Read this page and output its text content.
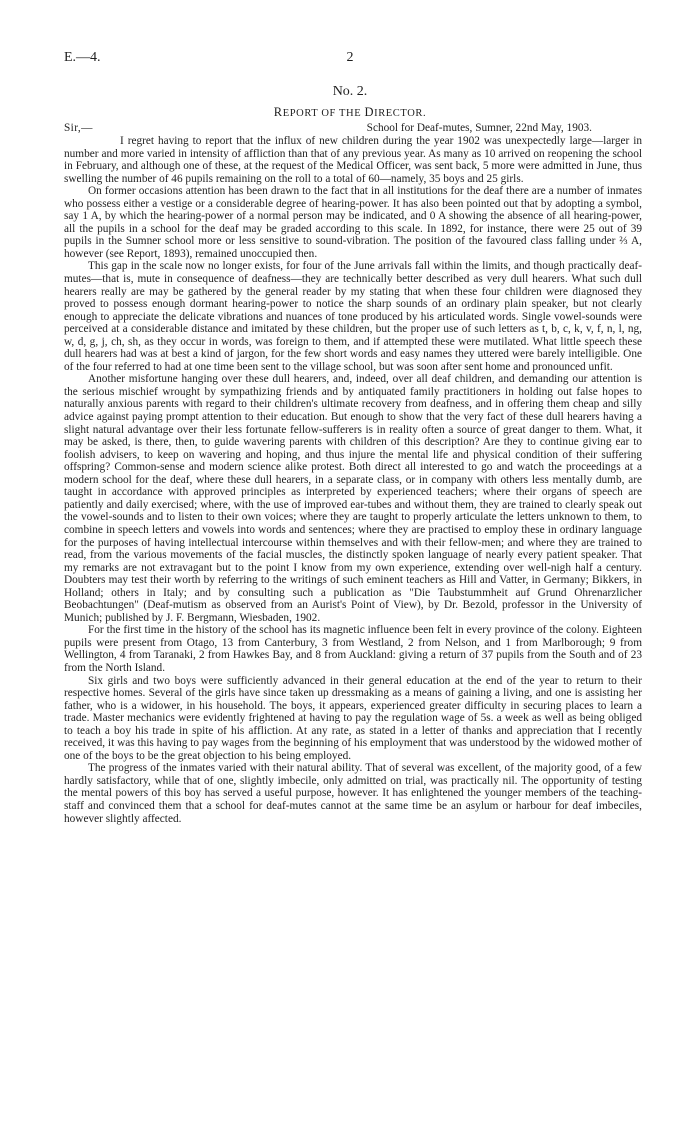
E.—4.	2
No. 2.
REPORT OF THE DIRECTOR.
Sir,—	School for Deaf-mutes, Sumner, 22nd May, 1903.

I regret having to report that the influx of new children during the year 1902 was unexpectedly large—larger in number and more varied in intensity of affliction than that of any previous year. As many as 10 arrived on reopening the school in February, and although one of these, at the request of the Medical Officer, was sent back, 5 more were admitted in June, thus swelling the number of 46 pupils remaining on the roll to a total of 60—namely, 35 boys and 25 girls.

On former occasions attention has been drawn to the fact that in all institutions for the deaf there are a number of inmates who possess either a vestige or a considerable degree of hearing-power. It has also been pointed out that by adopting a symbol, say 1 A, by which the hearing-power of a normal person may be indicated, and 0 A showing the absence of all hearing-power, all the pupils in a school for the deaf may be graded according to this scale. In 1892, for instance, there were 25 out of 39 pupils in the Sumner school more or less sensitive to sound-vibration. The position of the favoured class falling under ⅔ A, however (see Report, 1893), remained unoccupied then.

This gap in the scale now no longer exists, for four of the June arrivals fall within the limits, and though practically deaf-mutes—that is, mute in consequence of deafness—they are technically better described as very dull hearers. What such dull hearers really are may be gathered by the general reader by my stating that when these four children were diagnosed they proved to possess enough dormant hearing-power to notice the sharp sounds of an ordinary plain speaker, but not clearly enough to appreciate the delicate vibrations and nuances of tone produced by his articulated words. Single vowel-sounds were perceived at a considerable distance and imitated by these children, but the proper use of such letters as t, b, c, k, v, f, n, l, ng, w, d, g, j, ch, sh, as they occur in words, was foreign to them, and if attempted these were mutilated. What little speech these dull hearers had was at best a kind of jargon, for the few short words and easy names they uttered were barely intelligible. One of the four referred to had at one time been sent to the village school, but was soon after sent home and pronounced unfit.

Another misfortune hanging over these dull hearers, and, indeed, over all deaf children, and demanding our attention is the serious mischief wrought by sympathizing friends and by antiquated family practitioners in holding out false hopes to naturally anxious parents with regard to their children's ultimate recovery from deafness, and in offering them cheap and silly advice against paying prompt attention to their education. But enough to show that the very fact of these dull hearers having a slight natural advantage over their less fortunate fellow-sufferers is in reality often a source of great danger to them. What, it may be asked, is there, then, to guide wavering parents with children of this description? Are they to continue giving ear to foolish advisers, to keep on wavering and hoping, and thus injure the mental life and physical condition of their suffering offspring? Common-sense and modern science alike protest. Both direct all interested to go and watch the proceedings at a modern school for the deaf, where these dull hearers, in a separate class, or in company with others less mentally dumb, are taught in accordance with approved principles as interpreted by experienced teachers; where their organs of speech are patiently and daily exercised; where, with the use of improved ear-tubes and without them, they are trained to clearly speak out the vowel-sounds and to listen to their own voices; where they are taught to properly articulate the letters unknown to them, to combine in speech letters and vowels into words and sentences; where they are practised to employ these in ordinary language for the purposes of having intellectual intercourse within themselves and with their fellow-men; and where they are trained to read, from the various movements of the facial muscles, the distinctly spoken language of nearly every patient speaker. That my remarks are not extravagant but to the point I know from my own experience, extending over well-nigh half a century. Doubters may test their worth by referring to the writings of such eminent teachers as Hill and Vatter, in Germany; Bikkers, in Holland; others in Italy; and by consulting such a publication as "Die Taubstummheit auf Grund Ohrenarzlicher Beobachtungen" (Deaf-mutism as observed from an Aurist's Point of View), by Dr. Bezold, professor in the University of Munich; published by J. F. Bergmann, Wiesbaden, 1902.

For the first time in the history of the school has its magnetic influence been felt in every province of the colony. Eighteen pupils were present from Otago, 13 from Canterbury, 3 from Westland, 2 from Nelson, and 1 from Marlborough; 9 from Wellington, 4 from Taranaki, 2 from Hawkes Bay, and 8 from Auckland: giving a return of 37 pupils from the South and of 23 from the North Island.

Six girls and two boys were sufficiently advanced in their general education at the end of the year to return to their respective homes. Several of the girls have since taken up dressmaking as a means of gaining a living, and one is assisting her father, who is a widower, in his household. The boys, it appears, experienced greater difficulty in securing places to learn a trade. Master mechanics were evidently frightened at having to pay the regulation wage of 5s. a week as well as being obliged to teach a boy his trade in spite of his affliction. At any rate, as stated in a letter of thanks and appreciation that I recently received, it was this having to pay wages from the beginning of his employment that was understood by the widowed mother of one of the boys to be the great objection to his being employed.

The progress of the inmates varied with their natural ability. That of several was excellent, of the majority good, of a few hardly satisfactory, while that of one, slightly imbecile, only admitted on trial, was practically nil. The opportunity of testing the mental powers of this boy has served a useful purpose, however. It has enlightened the younger members of the teaching-staff and convinced them that a school for deaf-mutes cannot at the same time be an asylum or harbour for deaf imbeciles, however slightly affected.
